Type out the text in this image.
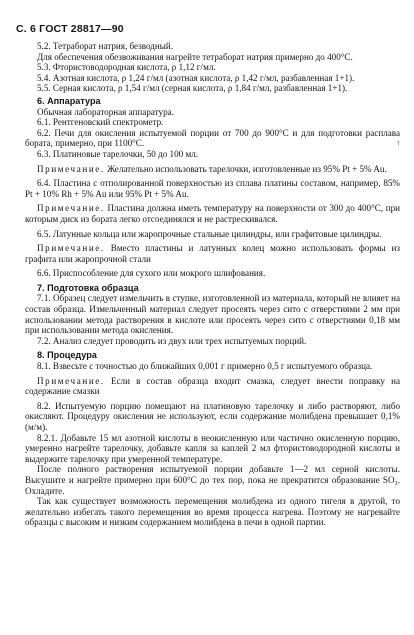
С. 6 ГОСТ 28817—90
↑

5.2. Тетраборат натрия, безводный.

Для обеспечения обезвоживания нагрейте тетраборат натрия примерно до 400°С.

5.3. Фтористоводородная кислота, ρ 1,12 г/мл.

5.4. Азотная кислота, ρ 1,24 г/мл (азотная кислота, ρ 1,42 г/мл, разбавленная 1+1).

5.5. Серная кислота, ρ 1,54 г/мл (серная кислота, ρ 1,84 г/мл, разбавленная 1+1).

6. Аппаратура

Обычная лабораторная аппаратура.

6.1. Рентгеновский спектрометр.

6.2. Печи для окисления испытуемой порции от 700 до 900°С и для подготовки расплава бората, примерно, при 1100°С.

6.3. Платиновые тарелочки, 50 до 100 мл.

Примечание. Желательно использовать тарелочки, изготовленные из 95% Pt + 5% Au.

6.4. Пластина с отполированной поверхностью из сплава платины составом, например, 85% Pt + 10% Rh + 5% Au или 95% Pt + 5% Au.

Примечание. Пластина должна иметь температуру на поверхности от 300 до 400°С, при которым диск из бората легко отсоединялся и не растрескивался.

6.5. Латунные кольца или жаропрочные стальные цилиндры, или графитовые цилиндры.

Примечание. Вместо пластины и латунных колец можно использовать формы из графита или жаропрочной стали

6.6. Приспособление для сухого или мокрого шлифования.

7. Подготовка образца

7.1. Образец следует измельчить в ступке, изготовленной из материала, который не влияет на состав образца. Измельченный материал следует просеять через сито с отверстиями 2 мм при использовании метода растворения в кислоте или просеять через сито с отверстиями 0,18 мм при использовании метода окисления.

7.2. Анализ следует проводить из двух или трех испытуемых порций.

8. Процедура

8.1. Взвесьте с точностью до ближайших 0,001 г примерно 0,5 г испытуемого образца.

Примечание. Если в состав образца входит смазка, следует внести поправку на содержание смазки

8.2. Испытуемую порцию помещают на платиновую тарелочку и либо растворяют, либо окисляют. Процедуру окисления не используют, если содержание молибдена превышает 0,1% (м/м).

8.2.1. Добавьте 15 мл азотной кислоты в неокисленную или частично окисленную порцию, умеренно нагрейте тарелочку, добавьте капля за каплей 2 мл фтористоводородной кислоты и выдержите тарелочку при умеренной температуре.

После полного растворения испытуемой порции добавьте 1—2 мл серной кислоты. Высушите и нагрейте примерно при 600°С до тех пор, пока не прекратится образование SO₃. Охладите.

Так как существует возможность перемещения молибдена из одного тигеля в другой, то желательно избегать такого перемещения во время процесса нагрева. Поэтому не нагревайте образцы с высоким и низким содержанием молибдена в печи в одной партии.
